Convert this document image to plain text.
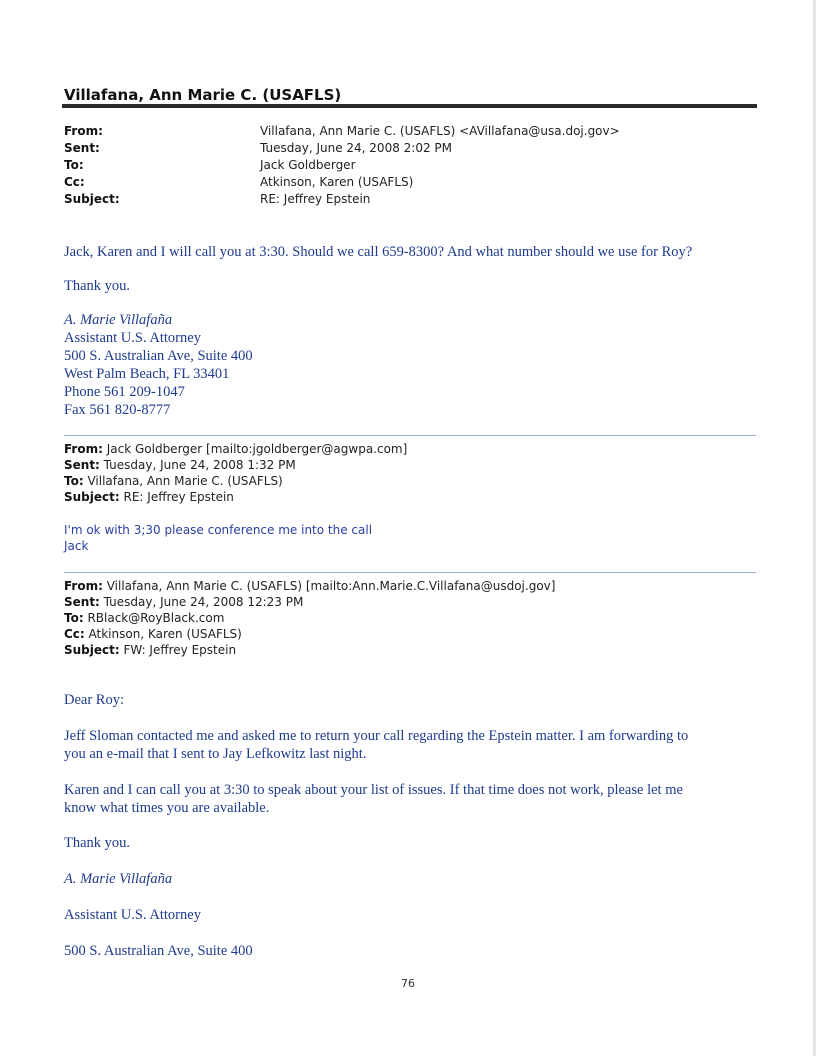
Villafana, Ann Marie C. (USAFLS)
From:	Villafana, Ann Marie C. (USAFLS) <AVillafana@usa.doj.gov>
Sent:	Tuesday, June 24, 2008 2:02 PM
To:	Jack Goldberger
Cc:	Atkinson, Karen (USAFLS)
Subject:	RE: Jeffrey Epstein
Jack, Karen and I will call you at 3:30. Should we call 659-8300? And what number should we use for Roy?
Thank you.
A. Marie Villafaña
Assistant U.S. Attorney
500 S. Australian Ave, Suite 400
West Palm Beach, FL 33401
Phone 561 209-1047
Fax 561 820-8777
From: Jack Goldberger [mailto:jgoldberger@agwpa.com]
Sent: Tuesday, June 24, 2008 1:32 PM
To: Villafana, Ann Marie C. (USAFLS)
Subject: RE: Jeffrey Epstein
I'm ok with 3;30 please conference me into the call
Jack
From: Villafana, Ann Marie C. (USAFLS) [mailto:Ann.Marie.C.Villafana@usdoj.gov]
Sent: Tuesday, June 24, 2008 12:23 PM
To: RBlack@RoyBlack.com
Cc: Atkinson, Karen (USAFLS)
Subject: FW: Jeffrey Epstein
Dear Roy:
Jeff Sloman contacted me and asked me to return your call regarding the Epstein matter. I am forwarding to
you an e-mail that I sent to Jay Lefkowitz last night.
Karen and I can call you at 3:30 to speak about your list of issues. If that time does not work, please let me
know what times you are available.
Thank you.
A. Marie Villafaña
Assistant U.S. Attorney
500 S. Australian Ave, Suite 400
76
